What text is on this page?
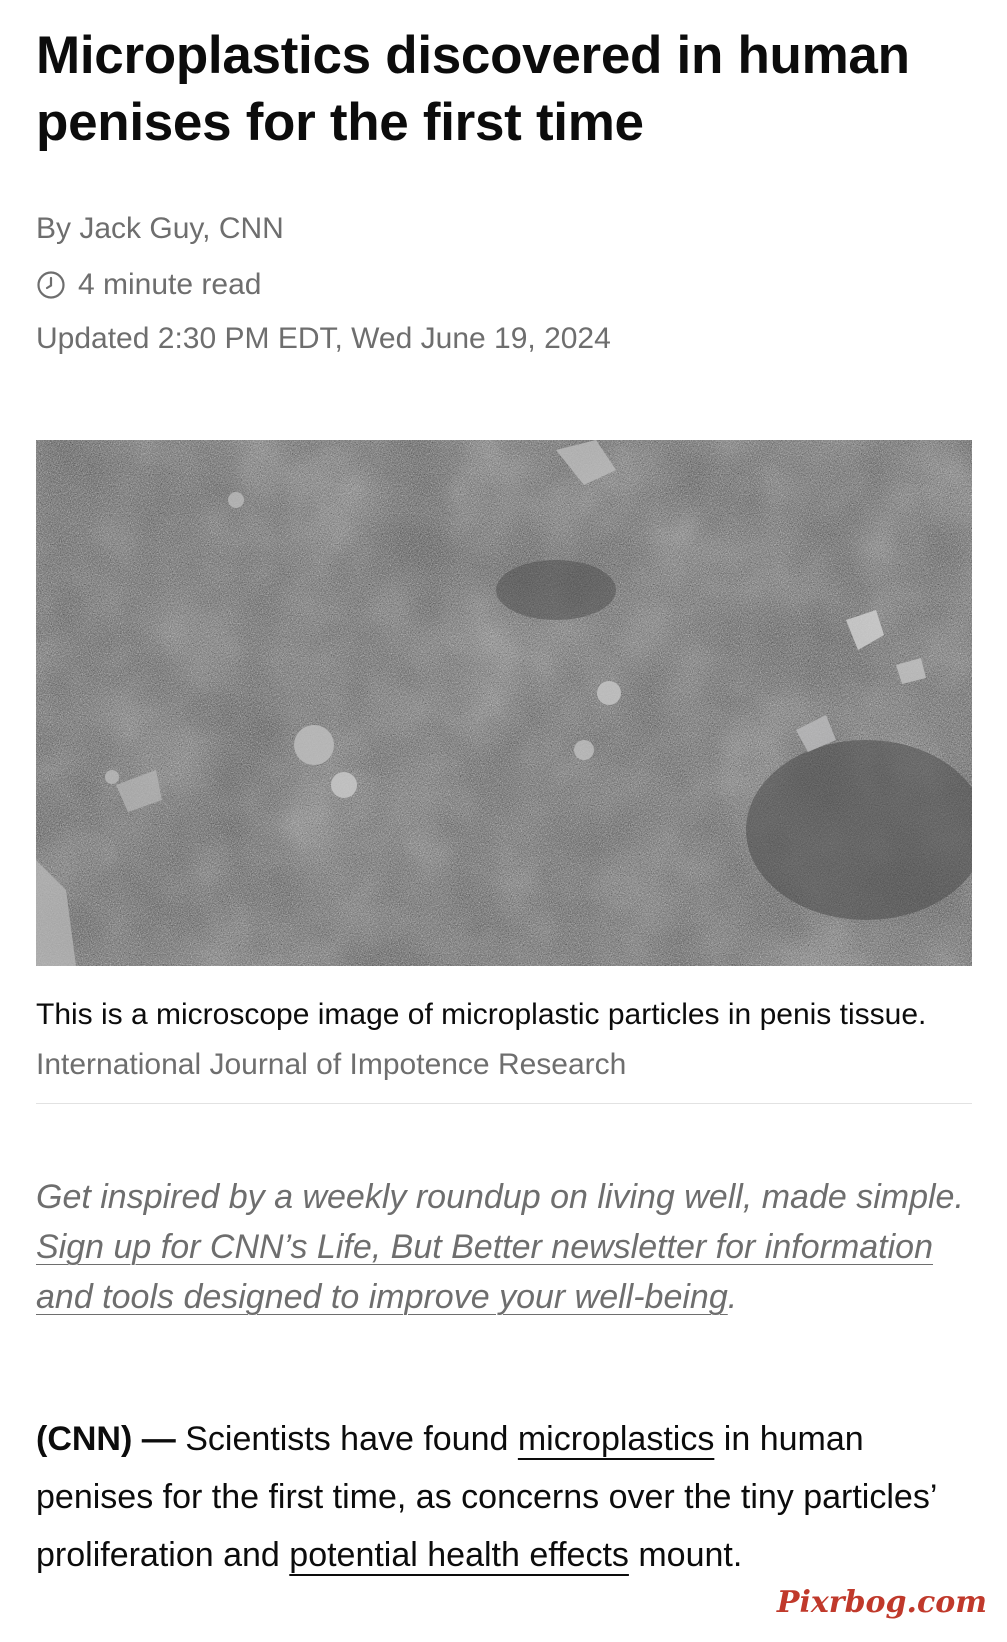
Microplastics discovered in human penises for the first time
By Jack Guy, CNN
4 minute read
Updated 2:30 PM EDT, Wed June 19, 2024
This is a microscope image of microplastic particles in penis tissue. International Journal of Impotence Research
Get inspired by a weekly roundup on living well, made simple. Sign up for CNN’s Life, But Better newsletter for information and tools designed to improve your well-being.
(CNN) — Scientists have found microplastics in human penises for the first time, as concerns over the tiny particles’ proliferation and potential health effects mount.
Pixrbog.com
